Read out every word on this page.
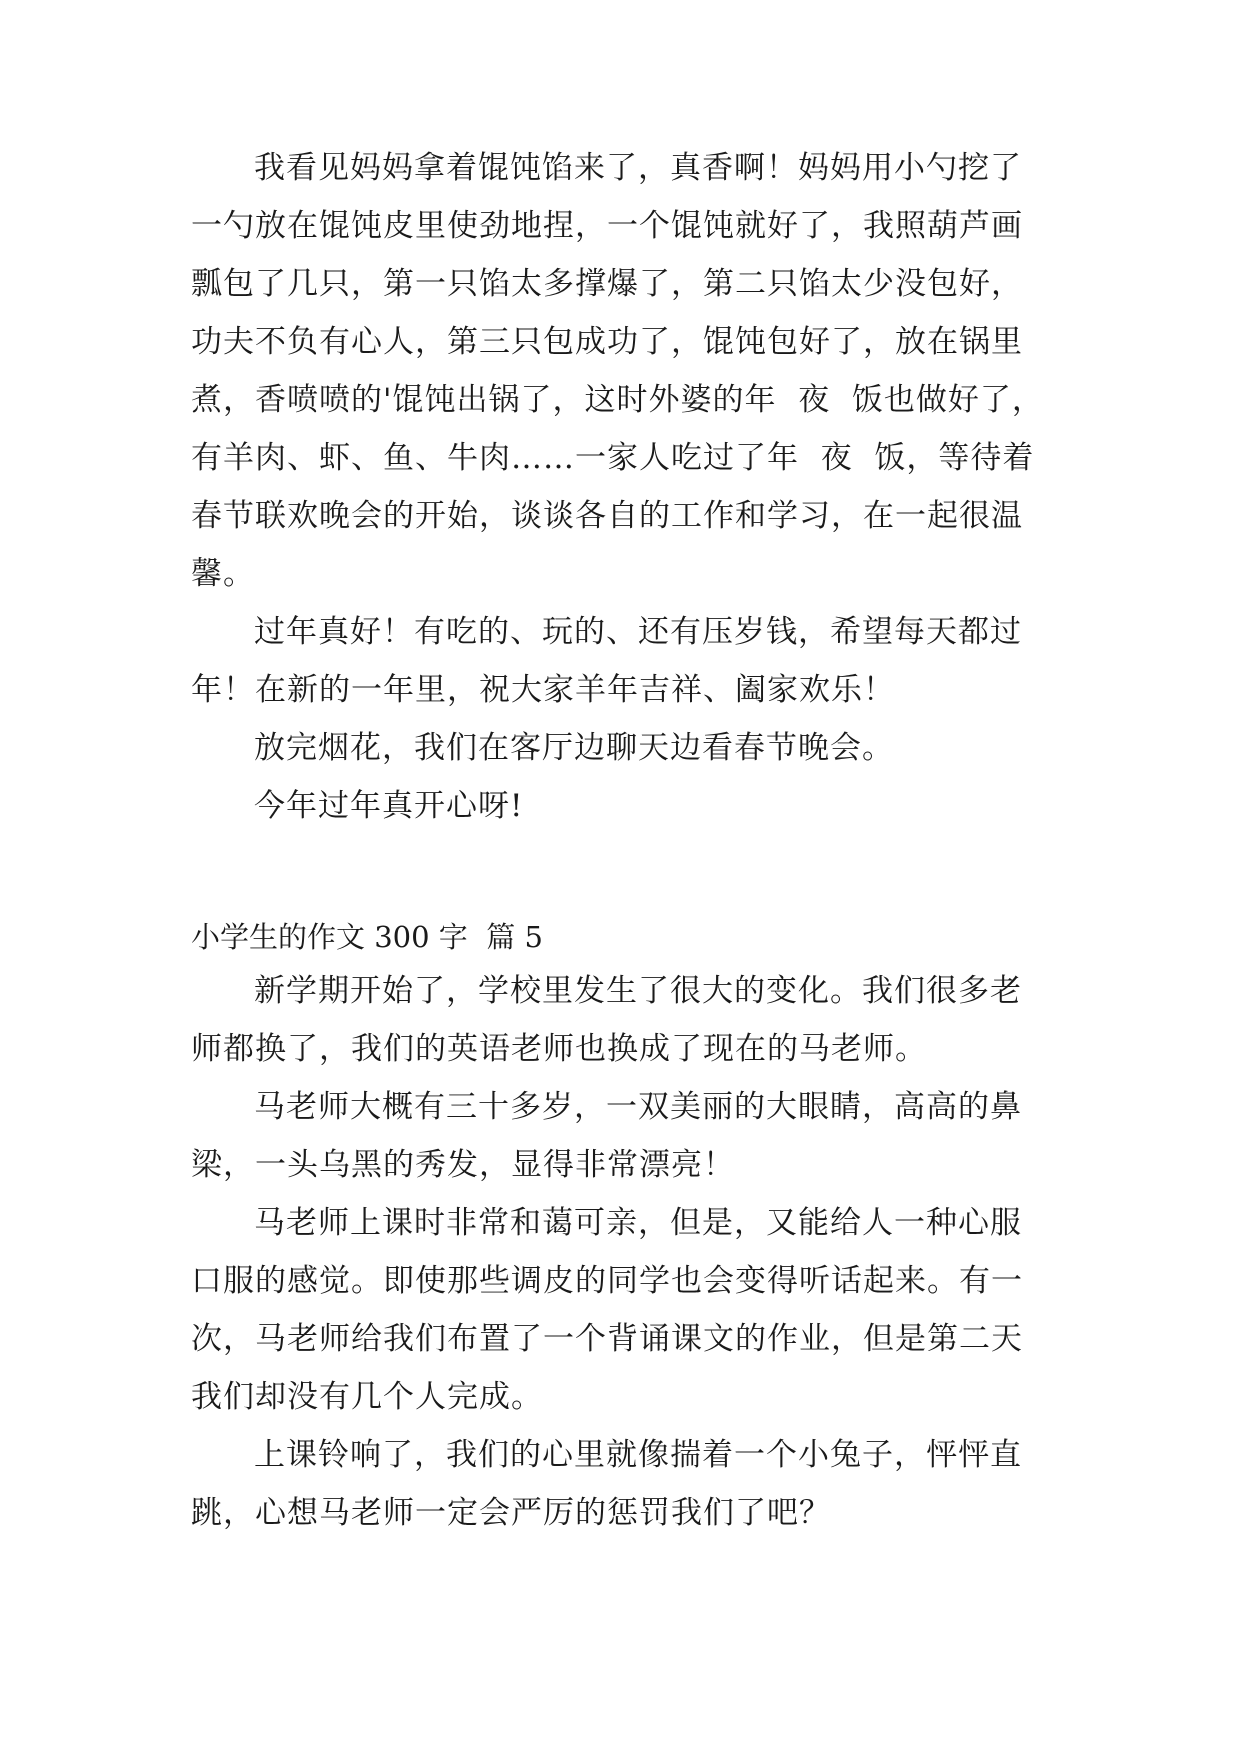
我看见妈妈拿着馄饨馅来了，真香啊！妈妈用小勺挖了
一勺放在馄饨皮里使劲地捏，一个馄饨就好了，我照葫芦画
瓢包了几只，第一只馅太多撑爆了，第二只馅太少没包好，
功夫不负有心人，第三只包成功了，馄饨包好了，放在锅里
煮，香喷喷的'馄饨出锅了，这时外婆的年  夜  饭也做好了，
有羊肉、虾、鱼、牛肉……一家人吃过了年  夜  饭，等待着
春节联欢晚会的开始，谈谈各自的工作和学习，在一起很温
馨。
过年真好！有吃的、玩的、还有压岁钱，希望每天都过
年！在新的一年里，祝大家羊年吉祥、阖家欢乐！
放完烟花，我们在客厅边聊天边看春节晚会。
今年过年真开心呀!
小学生的作文 300 字  篇 5
新学期开始了，学校里发生了很大的变化。我们很多老
师都换了，我们的英语老师也换成了现在的马老师。
马老师大概有三十多岁，一双美丽的大眼睛，高高的鼻
梁，一头乌黑的秀发，显得非常漂亮！
马老师上课时非常和蔼可亲，但是，又能给人一种心服
口服的感觉。即使那些调皮的同学也会变得听话起来。有一
次，马老师给我们布置了一个背诵课文的作业，但是第二天
我们却没有几个人完成。
上课铃响了，我们的心里就像揣着一个小兔子，怦怦直
跳，心想马老师一定会严厉的惩罚我们了吧？
